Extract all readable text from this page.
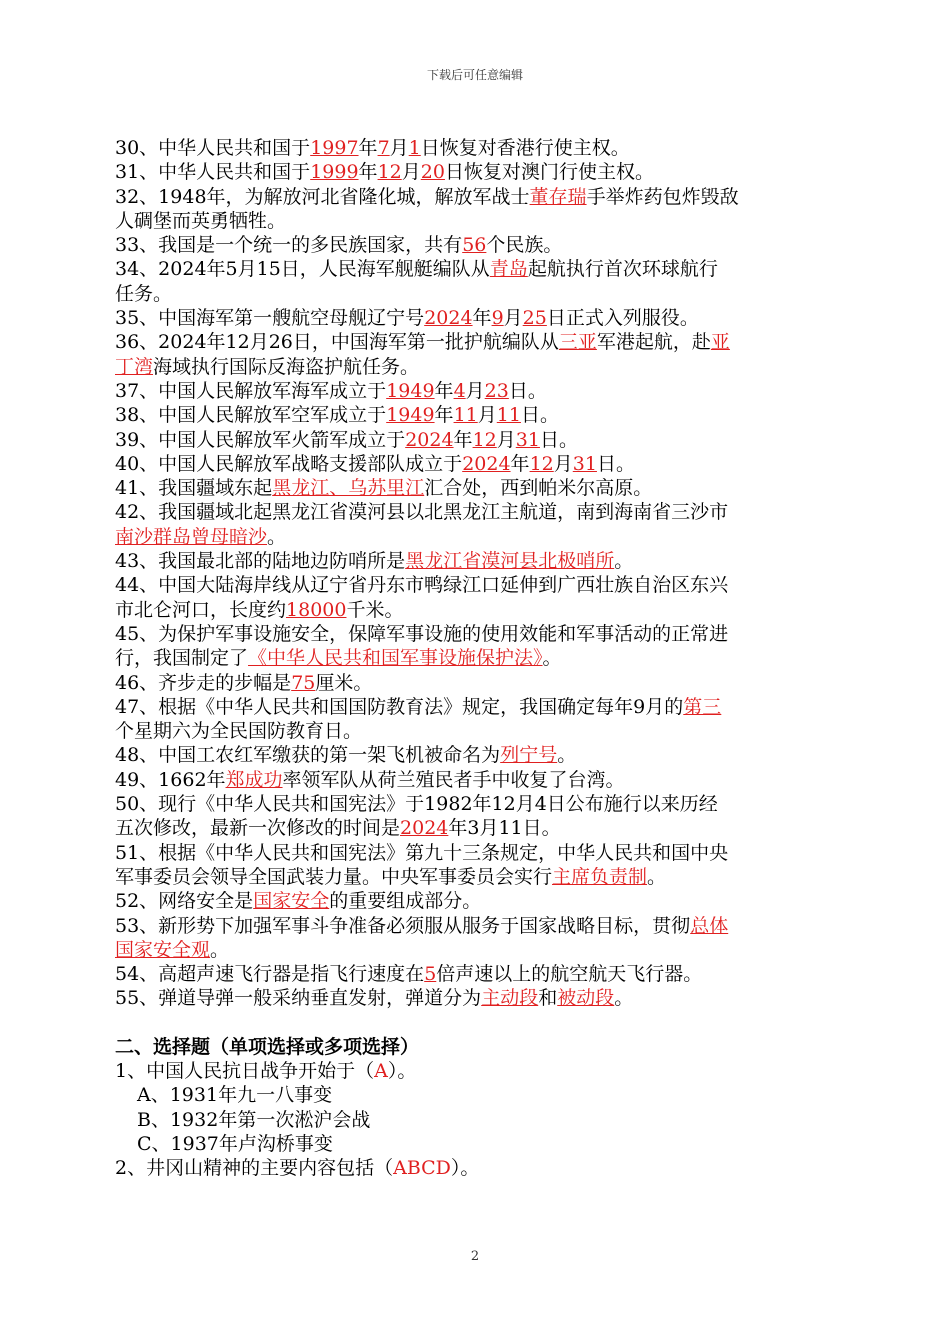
下载后可任意编辑
30、中华人民共和国于1997年7月1日恢复对香港行使主权。
31、中华人民共和国于1999年12月20日恢复对澳门行使主权。
32、1948年，为解放河北省隆化城，解放军战士董存瑞手举炸药包炸毁敌
人碉堡而英勇牺牲。
33、我国是一个统一的多民族国家，共有56个民族。
34、2024年5月15日，人民海军舰艇编队从青岛起航执行首次环球航行
任务。
35、中国海军第一艘航空母舰辽宁号2024年9月25日正式入列服役。
36、2024年12月26日，中国海军第一批护航编队从三亚军港起航，赴亚
丁湾海域执行国际反海盗护航任务。
37、中国人民解放军海军成立于1949年4月23日。
38、中国人民解放军空军成立于1949年11月11日。
39、中国人民解放军火箭军成立于2024年12月31日。
40、中国人民解放军战略支援部队成立于2024年12月31日。
41、我国疆域东起黑龙江、乌苏里江汇合处，西到帕米尔高原。
42、我国疆域北起黑龙江省漠河县以北黑龙江主航道，南到海南省三沙市
南沙群岛曾母暗沙。
43、我国最北部的陆地边防哨所是黑龙江省漠河县北极哨所。
44、中国大陆海岸线从辽宁省丹东市鸭绿江口延伸到广西壮族自治区东兴
市北仑河口，长度约18000千米。
45、为保护军事设施安全，保障军事设施的使用效能和军事活动的正常进
行，我国制定了《中华人民共和国军事设施保护法》。
46、齐步走的步幅是75厘米。
47、根据《中华人民共和国国防教育法》规定，我国确定每年9月的第三
个星期六为全民国防教育日。
48、中国工农红军缴获的第一架飞机被命名为列宁号。
49、1662年郑成功率领军队从荷兰殖民者手中收复了台湾。
50、现行《中华人民共和国宪法》于1982年12月4日公布施行以来历经
五次修改，最新一次修改的时间是2024年3月11日。
51、根据《中华人民共和国宪法》第九十三条规定，中华人民共和国中央
军事委员会领导全国武装力量。中央军事委员会实行主席负责制。
52、网络安全是国家安全的重要组成部分。
53、新形势下加强军事斗争准备必须服从服务于国家战略目标，贯彻总体
国家安全观。
54、高超声速飞行器是指飞行速度在5倍声速以上的航空航天飞行器。
55、弹道导弹一般采纳垂直发射，弹道分为主动段和被动段。
二、选择题（单项选择或多项选择）
1、中国人民抗日战争开始于（A）。
A、1931年九一八事变
B、1932年第一次淞沪会战
C、1937年卢沟桥事变
2、井冈山精神的主要内容包括（ABCD）。
2
